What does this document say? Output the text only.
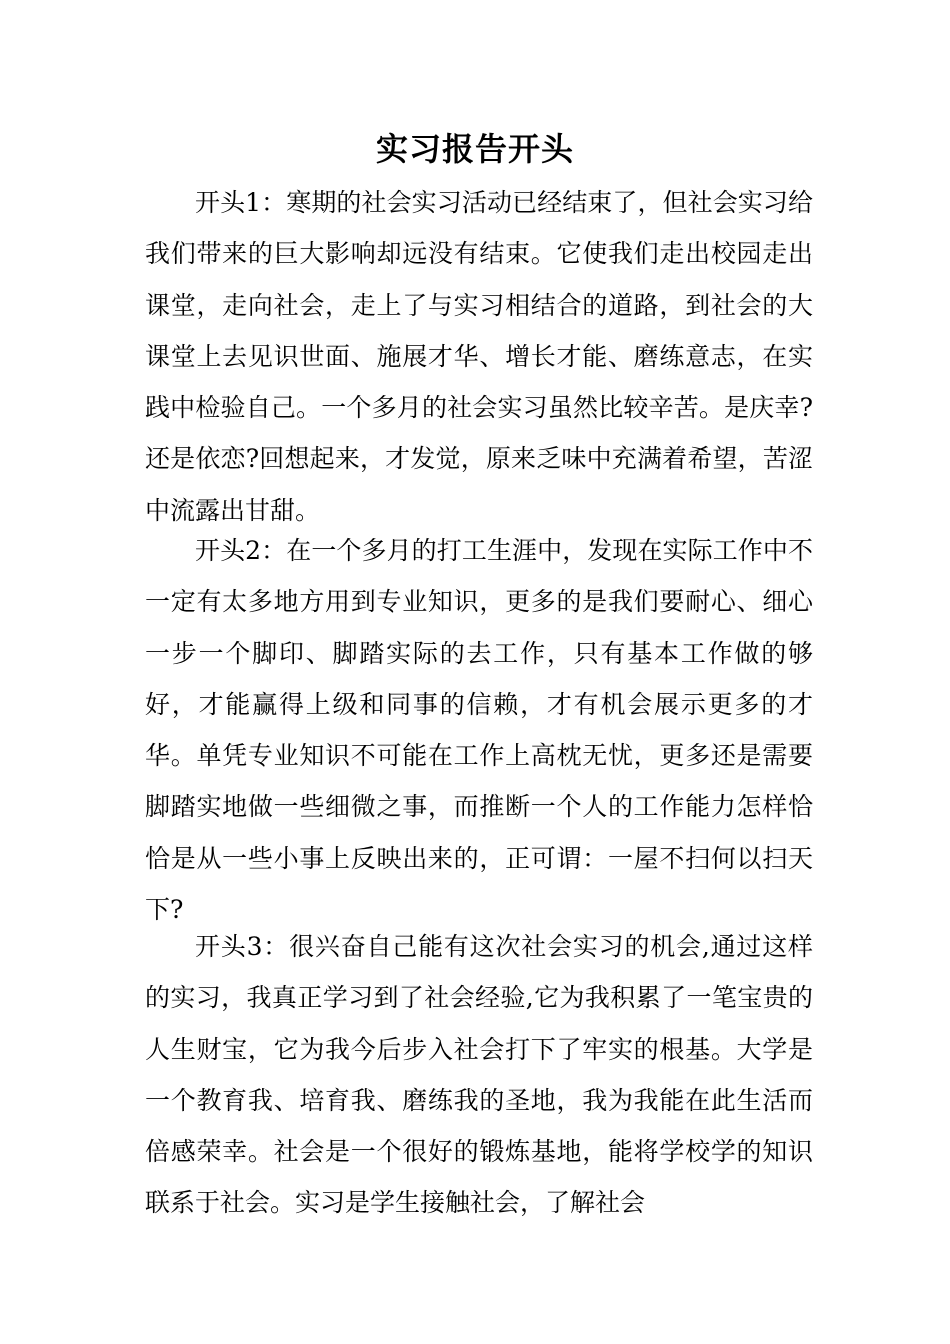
实习报告开头

开头1：寒期的社会实习活动已经结束了，但社会实习给我们带来的巨大影响却远没有结束。它使我们走出校园走出课堂，走向社会，走上了与实习相结合的道路，到社会的大课堂上去见识世面、施展才华、增长才能、磨练意志，在实践中检验自己。一个多月的社会实习虽然比较辛苦。是庆幸?还是依恋?回想起来，才发觉，原来乏味中充满着希望，苦涩中流露出甘甜。

开头2：在一个多月的打工生涯中，发现在实际工作中不一定有太多地方用到专业知识，更多的是我们要耐心、细心一步一个脚印、脚踏实际的去工作，只有基本工作做的够好，才能赢得上级和同事的信赖，才有机会展示更多的才华。单凭专业知识不可能在工作上高枕无忧，更多还是需要脚踏实地做一些细微之事，而推断一个人的工作能力怎样恰恰是从一些小事上反映出来的，正可谓：一屋不扫何以扫天下?

开头3：很兴奋自己能有这次社会实习的机会,通过这样的实习，我真正学习到了社会经验,它为我积累了一笔宝贵的人生财宝，它为我今后步入社会打下了牢实的根基。大学是一个教育我、培育我、磨练我的圣地，我为我能在此生活而倍感荣幸。社会是一个很好的锻炼基地，能将学校学的知识联系于社会。实习是学生接触社会，了解社会
